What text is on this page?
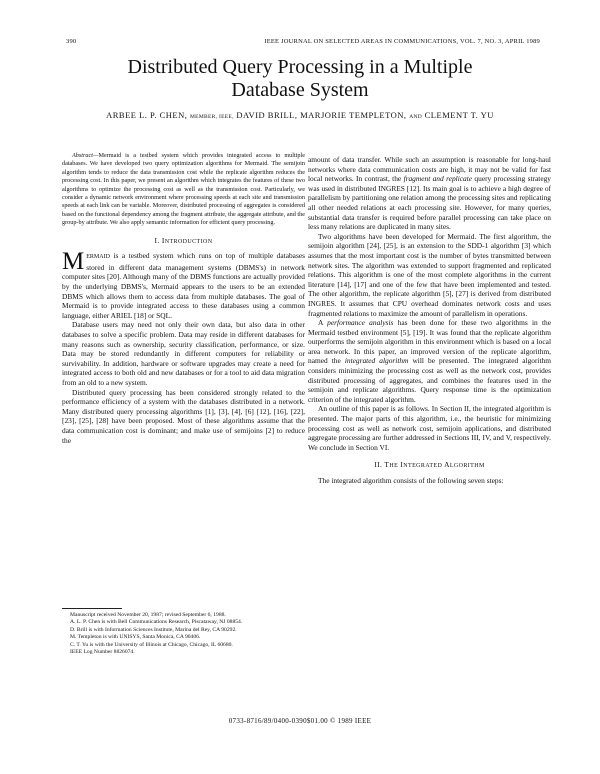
390	IEEE JOURNAL ON SELECTED AREAS IN COMMUNICATIONS, VOL. 7, NO. 3, APRIL 1989
Distributed Query Processing in a Multiple
Database System
ARBEE L. P. CHEN, MEMBER, IEEE, DAVID BRILL, MARJORIE TEMPLETON, AND CLEMENT T. YU

Abstract—Mermaid is a testbed system which provides integrated access to multiple databases. We have developed two query optimization algorithms for Mermaid. The semijoin algorithm tends to reduce the data transmission cost while the replicate algorithm reduces the processing cost. In this paper, we present an algorithm which integrates the features of these two algorithms to optimize the processing cost as well as the transmission cost. Particularly, we consider a dynamic network environment where processing speeds at each site and transmission speeds at each link can be variable. Moreover, distributed processing of aggregates is considered based on the functional dependency among the fragment attribute, the aggregate attribute, and the group-by attribute. We also apply semantic information for efficient query processing.

I. INTRODUCTION

MERMAID is a testbed system which runs on top of multiple databases stored in different data management systems (DBMS's) in network computer sites [20]. Although many of the DBMS functions are actually provided by the underlying DBMS's, Mermaid appears to the users to be an extended DBMS which allows them to access data from multiple databases. The goal of Mermaid is to provide integrated access to these databases using a common language, either ARIEL [18] or SQL.

Database users may need not only their own data, but also data in other databases to solve a specific problem. Data may reside in different databases for many reasons such as ownership, security classification, performance, or size. Data may be stored redundantly in different computers for reliability or survivability. In addition, hardware or software upgrades may create a need for integrated access to both old and new databases or for a tool to aid data migration from an old to a new system.

Distributed query processing has been considered strongly related to the performance efficiency of a system with the databases distributed in a network. Many distributed query processing algorithms [1], [3], [4], [6] [12], [16], [22], [23], [25], [28] have been proposed. Most of these algorithms assume that the data communication cost is dominant; and make use of semijoins [2] to reduce the

Manuscript received November 20, 1987; revised September 6, 1988.

A. L. P. Chen is with Bell Communications Research, Piscataway, NJ 08854.

D. Brill is with Information Sciences Institute, Marina del Rey, CA 90292.

M. Templeton is with UNISYS, Santa Monica, CA 90406.

C. T. Yu is with the University of Illinois at Chicago, Chicago, IL 60680.

IEEE Log Number 8826074.

amount of data transfer. While such an assumption is reasonable for long-haul networks where data communication costs are high, it may not be valid for fast local networks. In contrast, the fragment and replicate query processing strategy was used in distributed INGRES [12]. Its main goal is to achieve a high degree of parallelism by partitioning one relation among the processing sites and replicating all other needed relations at each processing site. However, for many queries, substantial data transfer is required before parallel processing can take place on less many relations are duplicated in many sites.

Two algorithms have been developed for Mermaid. The first algorithm, the semijoin algorithm [24], [25], is an extension to the SDD-1 algorithm [3] which assumes that the most important cost is the number of bytes transmitted between network sites. The algorithm was extended to support fragmented and replicated relations. This algorithm is one of the most complete algorithms in the current literature [14], [17] and one of the few that have been implemented and tested. The other algorithm, the replicate algorithm [5], [27] is derived from distributed INGRES. It assumes that CPU overhead dominates network costs and uses fragmented relations to maximize the amount of parallelism in operations.

A performance analysis has been done for these two algorithms in the Mermaid testbed environment [5], [19]. It was found that the replicate algorithm outperforms the semijoin algorithm in this environment which is based on a local area network. In this paper, an improved version of the replicate algorithm, named the integrated algorithm will be presented. The integrated algorithm considers minimizing the processing cost as well as the network cost, provides distributed processing of aggregates, and combines the features used in the semijoin and replicate algorithms. Query response time is the optimization criterion of the integrated algorithm.

An outline of this paper is as follows. In Section II, the integrated algorithm is presented. The major parts of this algorithm, i.e., the heuristic for minimizing processing cost as well as network cost, semijoin applications, and distributed aggregate processing are further addressed in Sections III, IV, and V, respectively. We conclude in Section VI.

II. THE INTEGRATED ALGORITHM

The integrated algorithm consists of the following seven steps:

0733-8716/89/0400-0390$01.00 © 1989 IEEE
